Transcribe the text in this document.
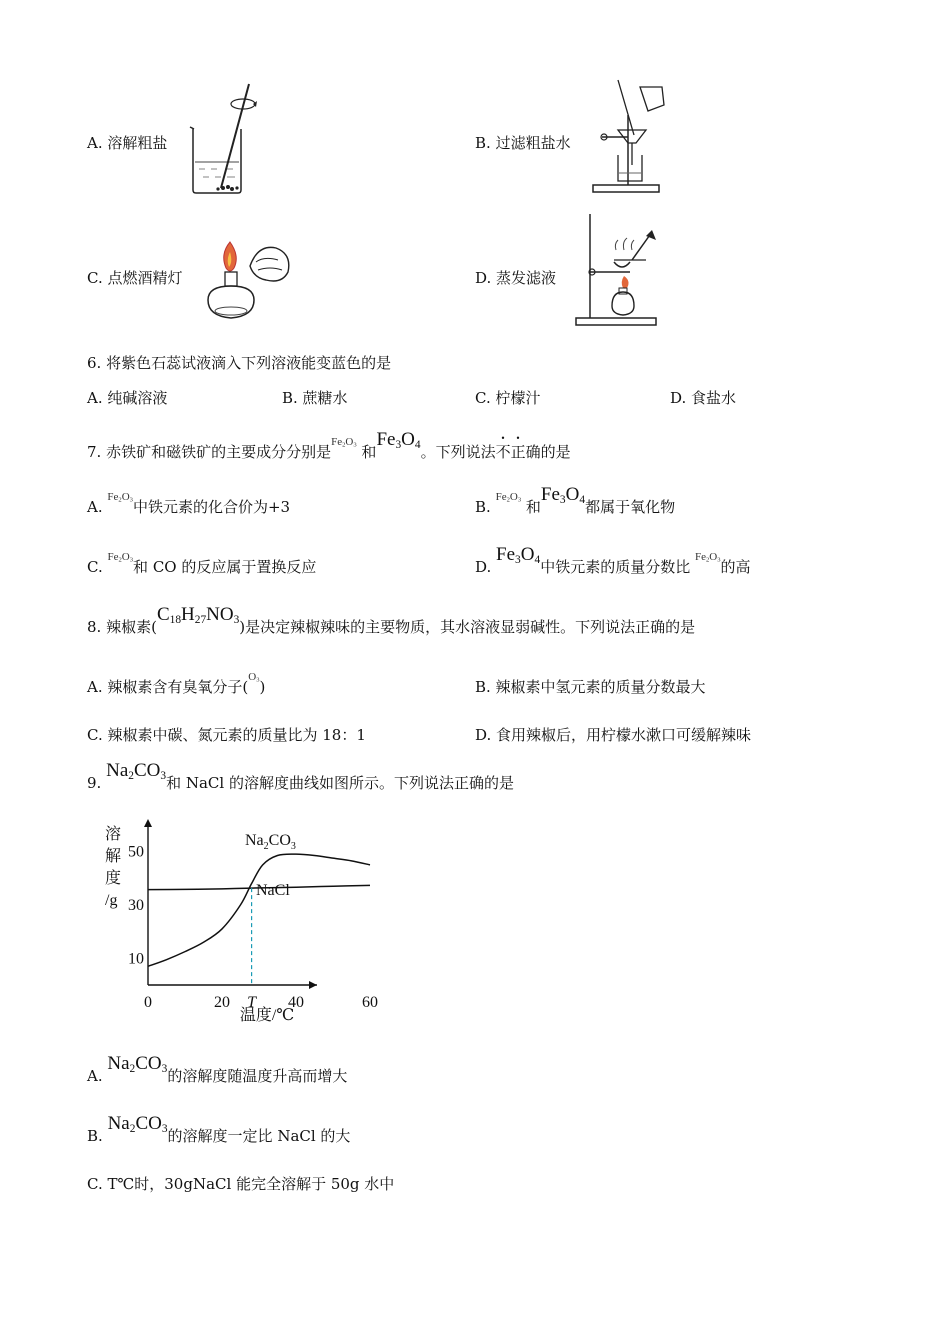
A. 溶解粗盐	B. 过滤粗盐水
C. 点燃酒精灯	D. 蒸发滤液
6. 将紫色石蕊试液滴入下列溶液能变蓝色的是
A. 纯碱溶液	B. 蔗糖水	C. 柠檬汁	D. 食盐水
7. 赤铁矿和磁铁矿的主要成分分别是$Fe_2O_3$ 和$Fe_3O_4$。下列说法不正确的是
A. $Fe_2O_3$中铁元素的化合价为+3	B. $Fe_2O_3$ 和$Fe_3O_4$都属于氧化物
C. $Fe_2O_3$和 CO 的反应属于置换反应	D. $Fe_3O_4$中铁元素的质量分数比 $Fe_2O_3$的高
8. 辣椒素$(C_{18}H_{27}NO_3)$是决定辣椒辣味的主要物质，其水溶液显弱碱性。下列说法正确的是
A. 辣椒素含有臭氧分子$(O_3)$	B. 辣椒素中氢元素的质量分数最大
C. 辣椒素中碳、氮元素的质量比为 18：1	D. 食用辣椒后，用柠檬水漱口可缓解辣味
9. $Na_2CO_3$和 NaCl 的溶解度曲线如图所示。下列说法正确的是
溶
解
度
/g
50
30
10
0	20 T 40	60
温度/℃
$Na_2CO_3$
NaCl
A. $Na_2CO_3$的溶解度随温度升高而增大
B. $Na_2CO_3$的溶解度一定比 NaCl 的大
C. T℃时，30gNaCl 能完全溶解于 50g 水中
